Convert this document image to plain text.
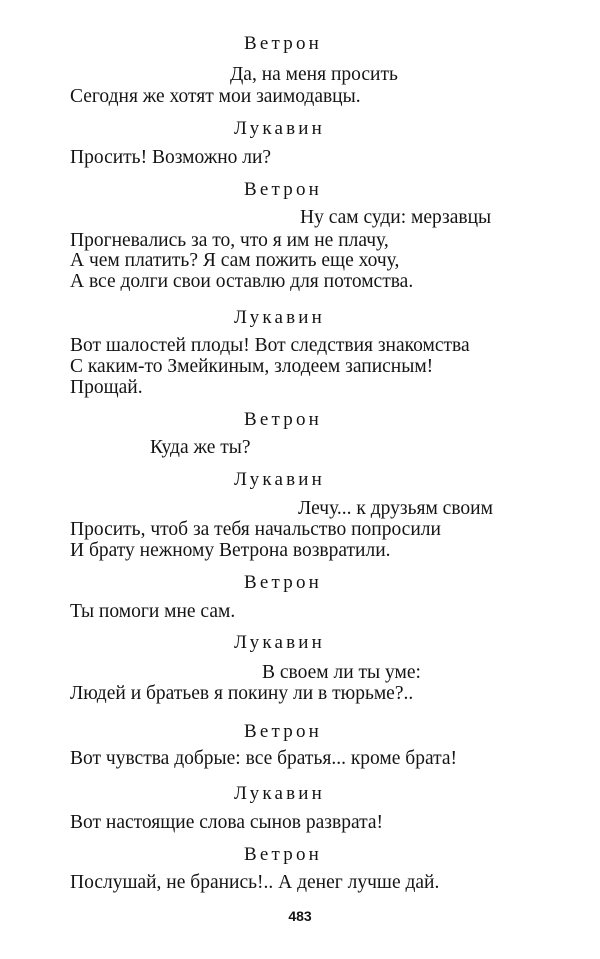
Ветрон

Да, на меня просить

Сегодня же хотят мои заимодавцы.

Лукавин

Просить! Возможно ли?

Ветрон

Ну сам суди: мерзавцы

Прогневались за то, что я им не плачу,

А чем платить? Я сам пожить еще хочу,

А все долги свои оставлю для потомства.

Лукавин

Вот шалостей плоды! Вот следствия знакомства

С каким-то Змейкиным, злодеем записным!

Прощай.

Ветрон

Куда же ты?

Лукавин

Лечу... к друзьям своим

Просить, чтоб за тебя начальство попросили

И брату нежному Ветрона возвратили.

Ветрон

Ты помоги мне сам.

Лукавин

В своем ли ты уме:

Людей и братьев я покину ли в тюрьме?..

Ветрон

Вот чувства добрые: все братья... кроме брата!

Лукавин

Вот настоящие слова сынов разврата!

Ветрон

Послушай, не бранись!.. А денег лучше дай.

483
